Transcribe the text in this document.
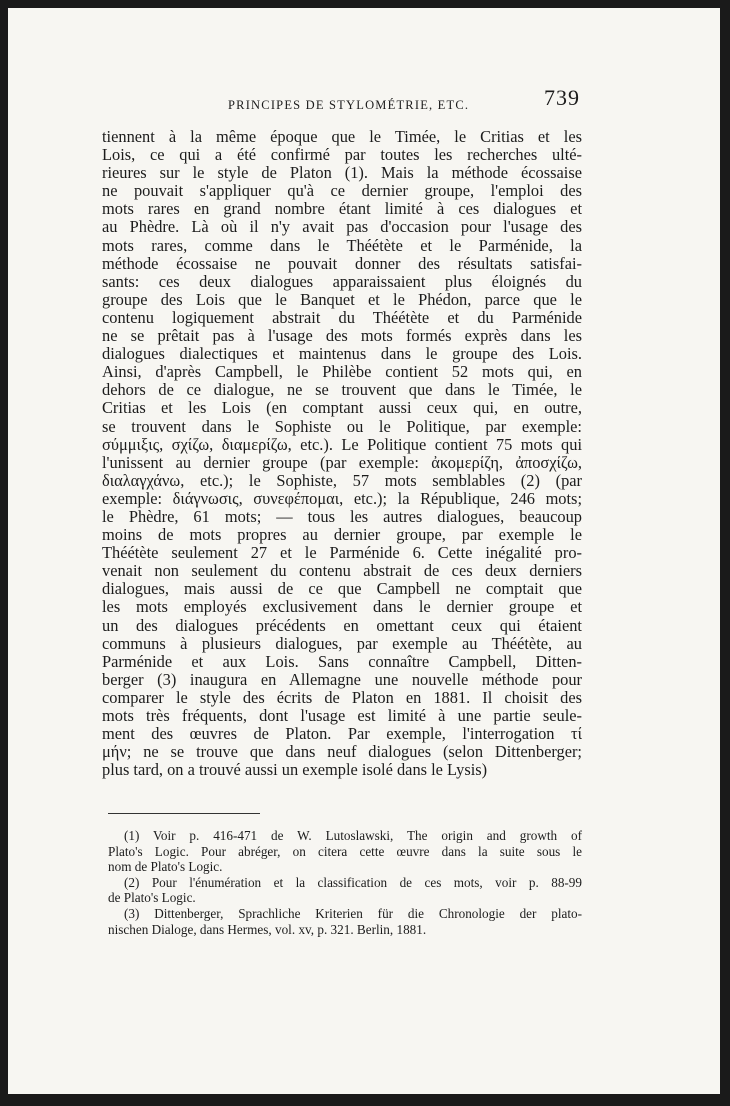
PRINCIPES DE STYLOMÉTRIE, ETC.	739
tiennent à la même époque que le Timée, le Critias et les
Lois, ce qui a été confirmé par toutes les recherches ulté-
rieures sur le style de Platon (1). Mais la méthode écossaise
ne pouvait s'appliquer qu'à ce dernier groupe, l'emploi des
mots rares en grand nombre étant limité à ces dialogues et
au Phèdre. Là où il n'y avait pas d'occasion pour l'usage des
mots rares, comme dans le Théétète et le Parménide, la
méthode écossaise ne pouvait donner des résultats satisfai-
sants: ces deux dialogues apparaissaient plus éloignés du
groupe des Lois que le Banquet et le Phédon, parce que le
contenu logiquement abstrait du Théétète et du Parménide
ne se prêtait pas à l'usage des mots formés exprès dans les
dialogues dialectiques et maintenus dans le groupe des Lois.
Ainsi, d'après Campbell, le Philèbe contient 52 mots qui, en
dehors de ce dialogue, ne se trouvent que dans le Timée, le
Critias et les Lois (en comptant aussi ceux qui, en outre,
se trouvent dans le Sophiste ou le Politique, par exemple:
σύμμιξις, σχίζω, διαμερίζω, etc.). Le Politique contient 75 mots qui
l'unissent au dernier groupe (par exemple: ἀκομερίζη, ἀποσχίζω,
διαλαγχάνω, etc.); le Sophiste, 57 mots semblables (2) (par
exemple: διάγνωσις, συνεφέπομαι, etc.); la République, 246 mots;
le Phèdre, 61 mots; — tous les autres dialogues, beaucoup
moins de mots propres au dernier groupe, par exemple le
Théétète seulement 27 et le Parménide 6. Cette inégalité pro-
venait non seulement du contenu abstrait de ces deux derniers
dialogues, mais aussi de ce que Campbell ne comptait que
les mots employés exclusivement dans le dernier groupe et
un des dialogues précédents en omettant ceux qui étaient
communs à plusieurs dialogues, par exemple au Théétète, au
Parménide et aux Lois. Sans connaître Campbell, Ditten-
berger (3) inaugura en Allemagne une nouvelle méthode pour
comparer le style des écrits de Platon en 1881. Il choisit des
mots très fréquents, dont l'usage est limité à une partie seule-
ment des œuvres de Platon. Par exemple, l'interrogation τί
μήν; ne se trouve que dans neuf dialogues (selon Dittenberger;
plus tard, on a trouvé aussi un exemple isolé dans le Lysis)
(1) Voir p. 416-471 de W. Lutoslawski, The origin and growth of
Plato's Logic. Pour abréger, on citera cette œuvre dans la suite sous le
nom de Plato's Logic.
(2) Pour l'énumération et la classification de ces mots, voir p. 88-99
de Plato's Logic.
(3) Dittenberger, Sprachliche Kriterien für die Chronologie der plato-
nischen Dialoge, dans Hermes, vol. xv, p. 321. Berlin, 1881.
